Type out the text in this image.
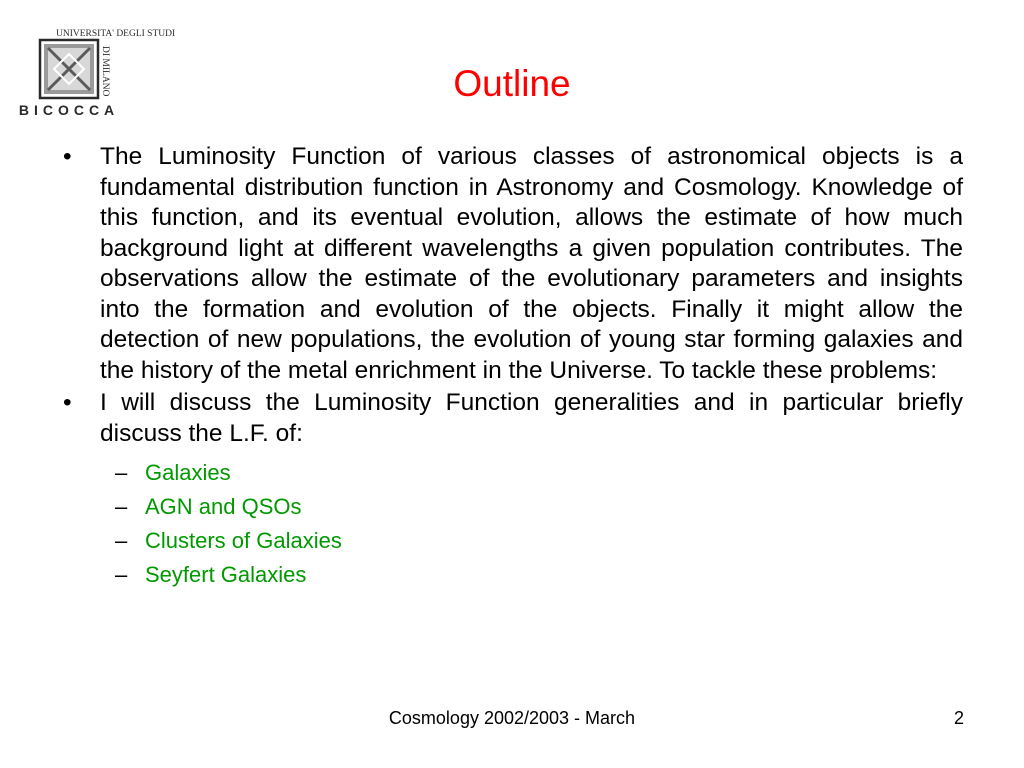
UNIVERSITA' DEGLI STUDI
DI MILANO
BICOCCA
Outline
•	The Luminosity Function of various classes of astronomical objects is a fundamental distribution function in Astronomy and Cosmology. Knowledge of this function, and its eventual evolution, allows the estimate of how much background light at different wavelengths a given population contributes. The observations allow the estimate of the evolutionary parameters and insights into the formation and evolution of the objects. Finally it might allow the detection of new populations, the evolution of young star forming galaxies and the history of the metal enrichment in the Universe. To tackle these problems:
•	I will discuss the Luminosity Function generalities and in particular briefly discuss the L.F. of:
– Galaxies
– AGN and QSOs
– Clusters of Galaxies
– Seyfert Galaxies
Cosmology 2002/2003 - March	2
